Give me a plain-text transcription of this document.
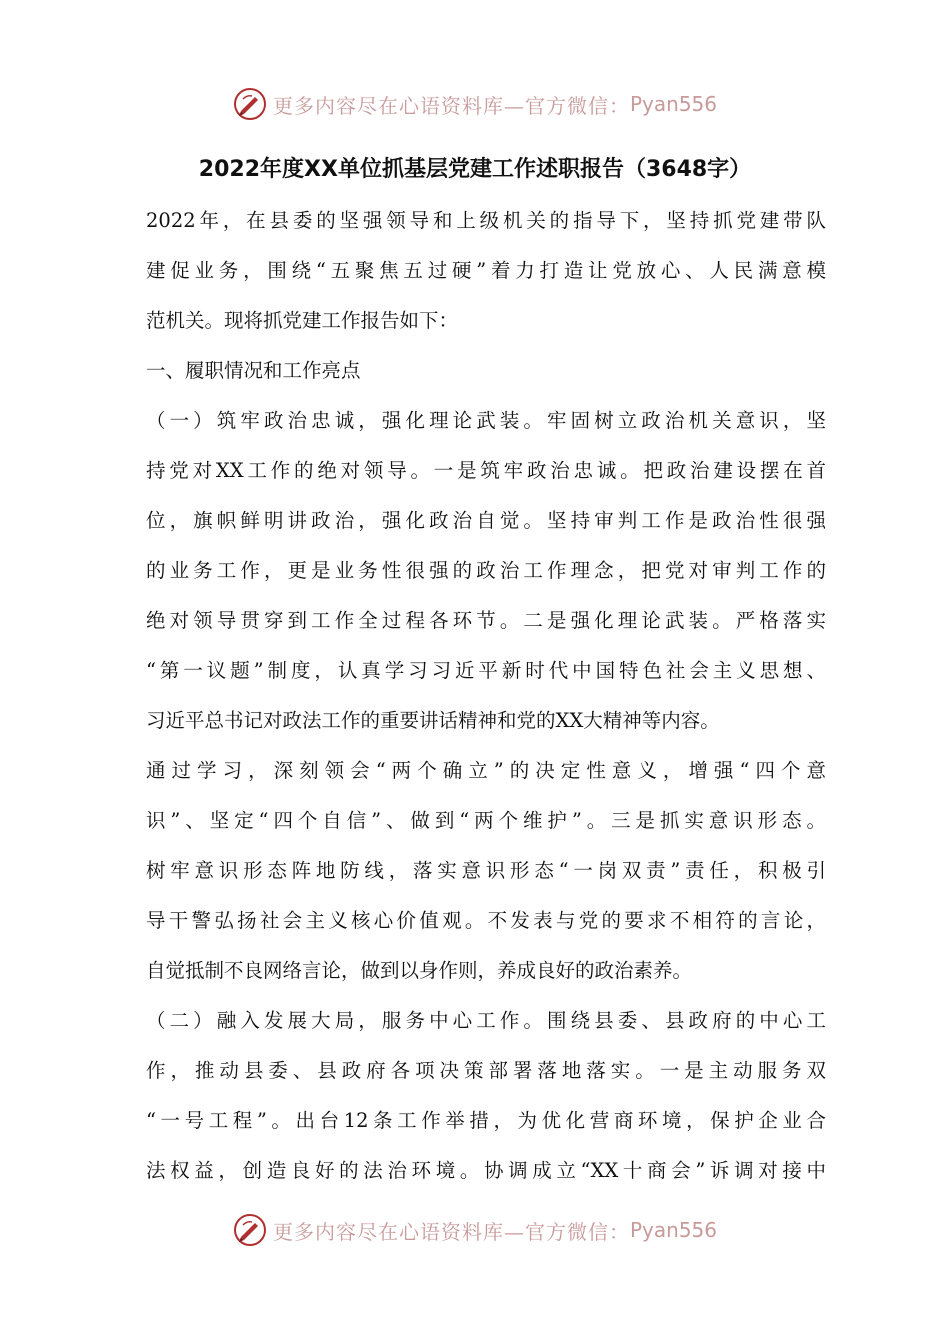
更多内容尽在心语资料库—官方微信： Pyan556
2022年度XX单位抓基层党建工作述职报告（3648字）
2022年，在县委的坚强领导和上级机关的指导下，坚持抓党建带队
建促业务，围绕“五聚焦五过硬”着力打造让党放心、人民满意模
范机关。现将抓党建工作报告如下：
一、履职情况和工作亮点
（一）筑牢政治忠诚，强化理论武装。牢固树立政治机关意识，坚
持党对XX工作的绝对领导。一是筑牢政治忠诚。把政治建设摆在首
位，旗帜鲜明讲政治，强化政治自觉。坚持审判工作是政治性很强
的业务工作，更是业务性很强的政治工作理念，把党对审判工作的
绝对领导贯穿到工作全过程各环节。二是强化理论武装。严格落实
“第一议题”制度，认真学习习近平新时代中国特色社会主义思想、
习近平总书记对政法工作的重要讲话精神和党的XX大精神等内容。
通过学习，深刻领会“两个确立”的决定性意义，增强“四个意
识”、坚定“四个自信”、做到“两个维护”。三是抓实意识形态。
树牢意识形态阵地防线，落实意识形态“一岗双责”责任，积极引
导干警弘扬社会主义核心价值观。不发表与党的要求不相符的言论，
自觉抵制不良网络言论，做到以身作则，养成良好的政治素养。
（二）融入发展大局，服务中心工作。围绕县委、县政府的中心工
作，推动县委、县政府各项决策部署落地落实。一是主动服务双
“一号工程”。出台12条工作举措，为优化营商环境，保护企业合
法权益，创造良好的法治环境。协调成立“XX十商会”诉调对接中
更多内容尽在心语资料库—官方微信： Pyan556
